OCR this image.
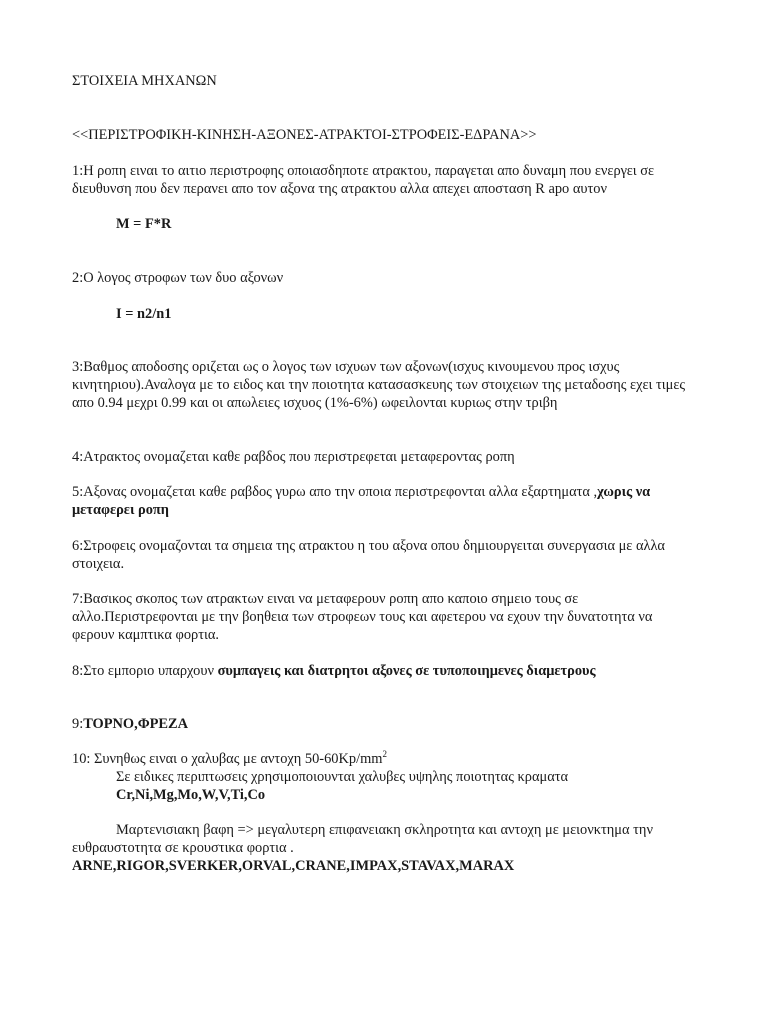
ΣΤΟΙΧΕΙΑ ΜΗΧΑΝΩΝ

<<ΠΕΡΙΣΤΡΟΦΙΚΗ-ΚΙΝΗΣΗ-ΑΞΟΝΕΣ-ΑΤΡΑΚΤΟΙ-ΣΤΡΟΦΕΙΣ-ΕΔΡΑΝΑ>>

1:Η ροπη ειναι το αιτιο περιστροφης οποιασδηποτε ατρακτου, παραγεται απο δυναμη που ενεργει σε διευθυνση που δεν περανει απο τον αξονα της ατρακτου αλλα απεχει αποσταση R apo αυτον

M = F*R

2:Ο λογος στροφων των δυο αξονων

I = n2/n1

3:Βαθμος αποδοσης οριζεται ως ο λογος των ισχυων των αξονων(ισχυς κινουμενου προς ισχυς κινητηριου).Αναλογα με το ειδος και την ποιοτητα κατασασκευης των στοιχειων της μεταδοσης εχει τιμες απο 0.94 μεχρι 0.99 και οι απωλειες ισχυος (1%-6%) ωφειλονται κυριως στην τριβη

4:Ατρακτος ονομαζεται καθε ραβδος που περιστρεφεται μεταφεροντας ροπη

5:Αξονας ονομαζεται καθε ραβδος γυρω απο την οποια περιστρεφονται αλλα εξαρτηματα ,χωρις να μεταφερει ροπη

6:Στροφεις ονομαζονται τα σημεια της ατρακτου η του αξονα οπου δημιουργειται συνεργασια με αλλα στοιχεια.

7:Βασικος σκοπος των ατρακτων ειναι να μεταφερουν ροπη απο καποιο σημειο τους σε αλλο.Περιστρεφονται με την βοηθεια των στροφεων τους και αφετερου να εχουν την δυνατοτητα να φερουν καμπτικα φορτια.

8:Στο εμποριο υπαρχουν συμπαγεις και διατρητοι αξονες σε τυποποιημενες διαμετρους

9:ΤΟΡΝΟ,ΦΡΕΖΑ

10: Συνηθως ειναι ο χαλυβας με αντοχη $50-60Kp/mm^2$

Σε ειδικες περιπτωσεις χρησιμοποιουνται χαλυβες υψηλης ποιοτητας κραματα

Cr,Ni,Mg,Mo,W,V,Ti,Co

Μαρτενισιακη βαφη => μεγαλυτερη επιφανειακη σκληροτητα και αντοχη με μειονκτημα την ευθραυστοτητα σε κρουστικα φορτια .

ARNE,RIGOR,SVERKER,ORVAL,CRANE,IMPAX,STAVAX,MARAX
